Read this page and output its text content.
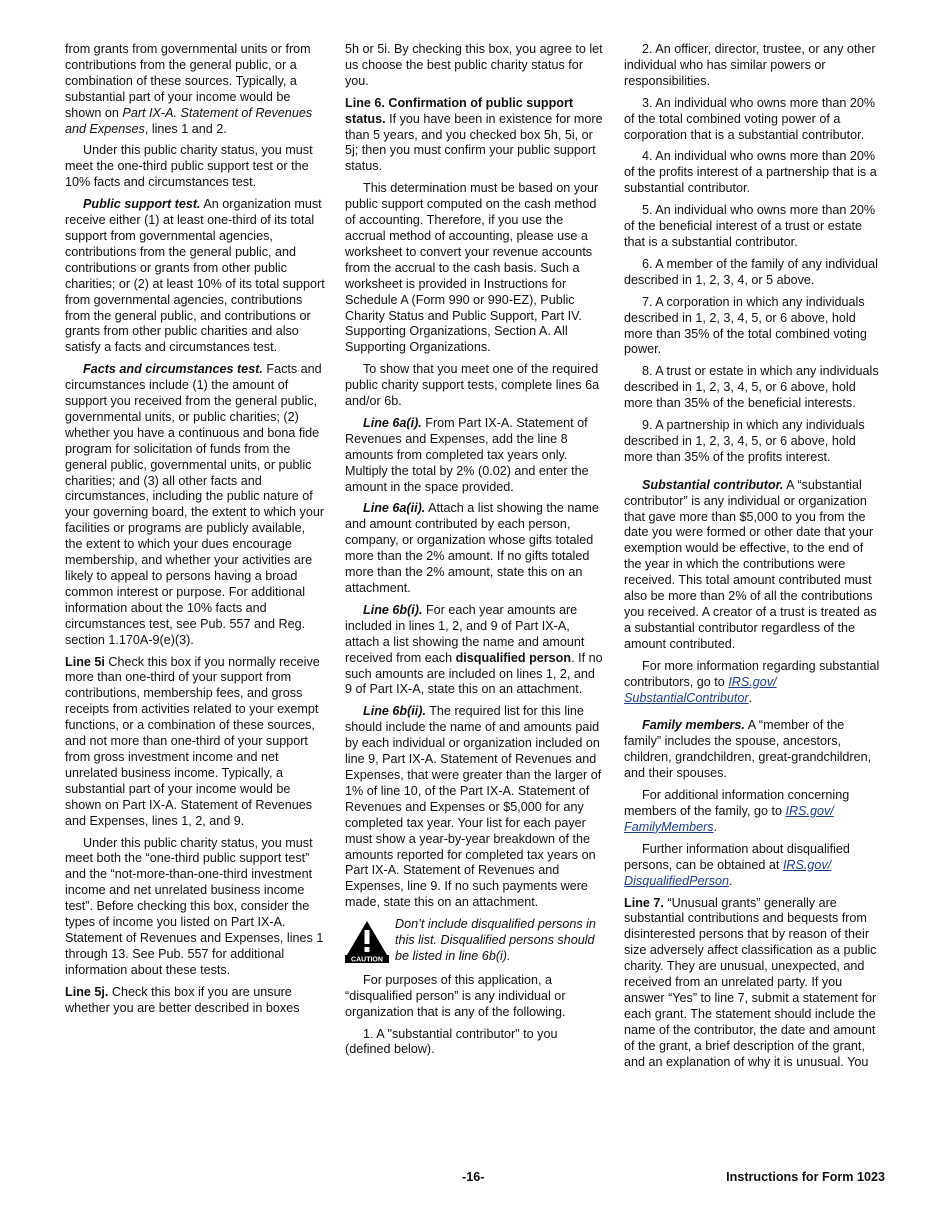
from grants from governmental units or from contributions from the general public, or a combination of these sources. Typically, a substantial part of your income would be shown on Part IX-A. Statement of Revenues and Expenses, lines 1 and 2.

Under this public charity status, you must meet the one-third public support test or the 10% facts and circumstances test.

Public support test. An organization must receive either (1) at least one-third of its total support from governmental agencies, contributions from the general public, and contributions or grants from other public charities; or (2) at least 10% of its total support from governmental agencies, contributions from the general public, and contributions or grants from other public charities and also satisfy a facts and circumstances test.

Facts and circumstances test. Facts and circumstances include (1) the amount of support you received from the general public, governmental units, or public charities; (2) whether you have a continuous and bona fide program for solicitation of funds from the general public, governmental units, or public charities; and (3) all other facts and circumstances, including the public nature of your governing board, the extent to which your facilities or programs are publicly available, the extent to which your dues encourage membership, and whether your activities are likely to appeal to persons having a broad common interest or purpose. For additional information about the 10% facts and circumstances test, see Pub. 557 and Reg. section 1.170A-9(e)(3).

Line 5i Check this box if you normally receive more than one-third of your support from contributions, membership fees, and gross receipts from activities related to your exempt functions, or a combination of these sources, and not more than one-third of your support from gross investment income and net unrelated business income. Typically, a substantial part of your income would be shown on Part IX-A. Statement of Revenues and Expenses, lines 1, 2, and 9.

Under this public charity status, you must meet both the “one-third public support test” and the “not-more-than-one-third investment income and net unrelated business income test”. Before checking this box, consider the types of income you listed on Part IX-A. Statement of Revenues and Expenses, lines 1 through 13. See Pub. 557 for additional information about these tests.

Line 5j. Check this box if you are unsure whether you are better described in boxes

5h or 5i. By checking this box, you agree to let us choose the best public charity status for you.

Line 6. Confirmation of public support status. If you have been in existence for more than 5 years, and you checked box 5h, 5i, or 5j; then you must confirm your public support status.

This determination must be based on your public support computed on the cash method of accounting. Therefore, if you use the accrual method of accounting, please use a worksheet to convert your revenue accounts from the accrual to the cash basis. Such a worksheet is provided in Instructions for Schedule A (Form 990 or 990-EZ), Public Charity Status and Public Support, Part IV. Supporting Organizations, Section A. All Supporting Organizations.

To show that you meet one of the required public charity support tests, complete lines 6a and/or 6b.

Line 6a(i). From Part IX-A. Statement of Revenues and Expenses, add the line 8 amounts from completed tax years only. Multiply the total by 2% (0.02) and enter the amount in the space provided.

Line 6a(ii). Attach a list showing the name and amount contributed by each person, company, or organization whose gifts totaled more than the 2% amount. If no gifts totaled more than the 2% amount, state this on an attachment.

Line 6b(i). For each year amounts are included in lines 1, 2, and 9 of Part IX-A, attach a list showing the name and amount received from each disqualified person. If no such amounts are included on lines 1, 2, and 9 of Part IX-A, state this on an attachment.

Line 6b(ii). The required list for this line should include the name of and amounts paid by each individual or organization included on line 9, Part IX-A. Statement of Revenues and Expenses, that were greater than the larger of 1% of line 10, of the Part IX-A. Statement of Revenues and Expenses or $5,000 for any completed tax year. Your list for each payer must show a year-by-year breakdown of the amounts reported for completed tax years on Part IX-A. Statement of Revenues and Expenses, line 9. If no such payments were made, state this on an attachment.

CAUTION
Don’t include disqualified persons in this list. Disqualified persons should be listed in line 6b(i).

For purposes of this application, a “disqualified person” is any individual or organization that is any of the following.

1. A "substantial contributor" to you (defined below).

2. An officer, director, trustee, or any other individual who has similar powers or responsibilities.

3. An individual who owns more than 20% of the total combined voting power of a corporation that is a substantial contributor.

4. An individual who owns more than 20% of the profits interest of a partnership that is a substantial contributor.

5. An individual who owns more than 20% of the beneficial interest of a trust or estate that is a substantial contributor.

6. A member of the family of any individual described in 1, 2, 3, 4, or 5 above.

7. A corporation in which any individuals described in 1, 2, 3, 4, 5, or 6 above, hold more than 35% of the total combined voting power.

8. A trust or estate in which any individuals described in 1, 2, 3, 4, 5, or 6 above, hold more than 35% of the beneficial interests.

9. A partnership in which any individuals described in 1, 2, 3, 4, 5, or 6 above, hold more than 35% of the profits interest.

Substantial contributor. A “substantial contributor” is any individual or organization that gave more than $5,000 to you from the date you were formed or other date that your exemption would be effective, to the end of the year in which the contributions were received. This total amount contributed must also be more than 2% of all the contributions you received. A creator of a trust is treated as a substantial contributor regardless of the amount contributed.

For more information regarding substantial contributors, go to IRS.gov/ SubstantialContributor.

Family members. A “member of the family” includes the spouse, ancestors, children, grandchildren, great-grandchildren, and their spouses.

For additional information concerning members of the family, go to IRS.gov/ FamilyMembers.

Further information about disqualified persons, can be obtained at IRS.gov/ DisqualifiedPerson.

Line 7. “Unusual grants” generally are substantial contributions and bequests from disinterested persons that by reason of their size adversely affect classification as a public charity. They are unusual, unexpected, and received from an unrelated party. If you answer “Yes” to line 7, submit a statement for each grant. The statement should include the name of the contributor, the date and amount of the grant, a brief description of the grant, and an explanation of why it is unusual. You

-16-	Instructions for Form 1023
